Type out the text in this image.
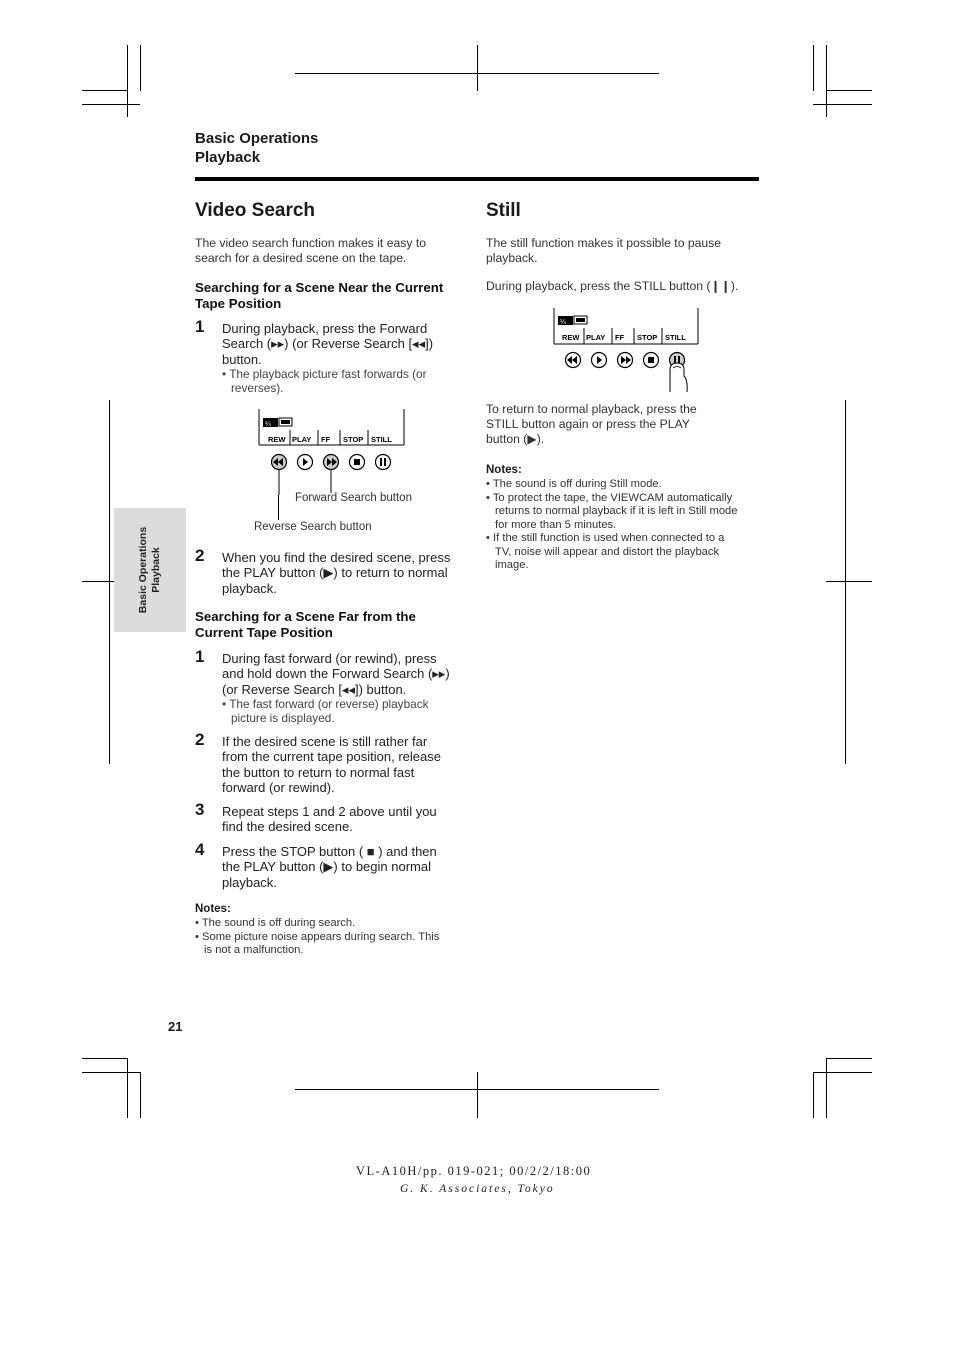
Basic Operations
Playback
Basic Operations Playback
Video Search
The video search function makes it easy to
search for a desired scene on the tape.
Searching for a Scene Near the Current
Tape Position
1 During playback, press the Forward
Search (▸▸) (or Reverse Search [◂◂])
button.
• The playback picture fast forwards (or
reverses).
¼
REW PLAY FF STOP STILL
Forward Search button
Reverse Search button
2 When you find the desired scene, press
the PLAY button (▶) to return to normal
playback.
Searching for a Scene Far from the
Current Tape Position
1 During fast forward (or rewind), press
and hold down the Forward Search (▸▸)
(or Reverse Search [◂◂]) button.
• The fast forward (or reverse) playback
picture is displayed.
2 If the desired scene is still rather far
from the current tape position, release
the button to return to normal fast
forward (or rewind).
3 Repeat steps 1 and 2 above until you
find the desired scene.
4 Press the STOP button ( ■ ) and then
the PLAY button (▶) to begin normal
playback.
Notes:
• The sound is off during search.
• Some picture noise appears during search. This
is not a malfunction.
Still
The still function makes it possible to pause
playback.
During playback, press the STILL button (❙❙).
¼
REW PLAY FF STOP STILL
To return to normal playback, press the
STILL button again or press the PLAY
button (▶).
Notes:
• The sound is off during Still mode.
• To protect the tape, the VIEWCAM automatically
returns to normal playback if it is left in Still mode
for more than 5 minutes.
• If the still function is used when connected to a
TV, noise will appear and distort the playback
image.
21
VL-A10H/pp. 019-021; 00/2/2/18:00
G. K. Associates, Tokyo
